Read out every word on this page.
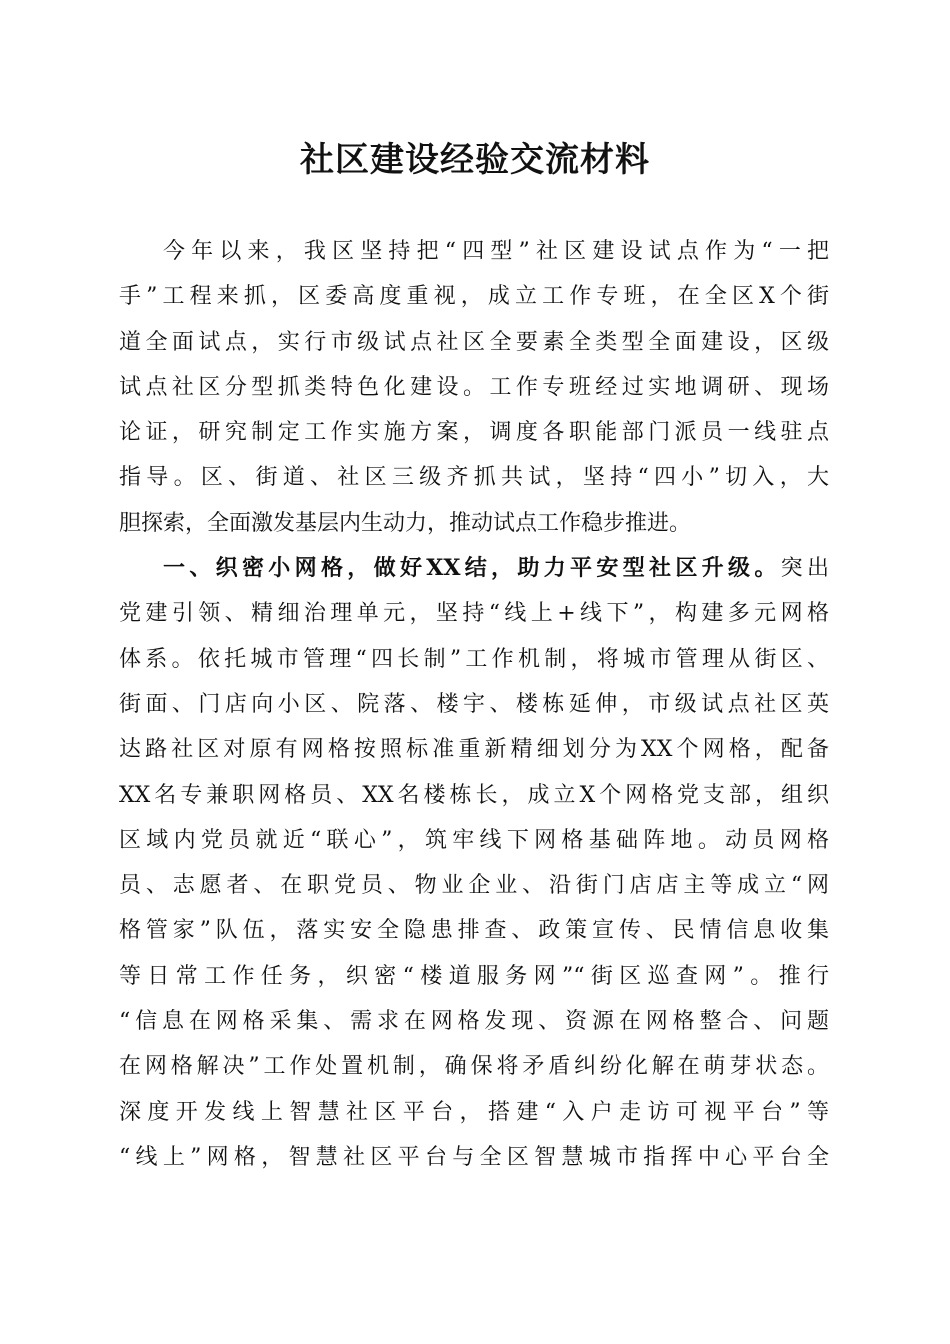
社区建设经验交流材料
今年以来，我区坚持把“四型”社区建设试点作为“一把
手”工程来抓，区委高度重视，成立工作专班，在全区X个街
道全面试点，实行市级试点社区全要素全类型全面建设，区级
试点社区分型抓类特色化建设。工作专班经过实地调研、现场
论证，研究制定工作实施方案，调度各职能部门派员一线驻点
指导。区、街道、社区三级齐抓共试，坚持“四小”切入，大
胆探索，全面激发基层内生动力，推动试点工作稳步推进。
一、织密小网格，做好XX结，助力平安型社区升级。突出
党建引领、精细治理单元，坚持“线上+线下”，构建多元网格
体系。依托城市管理“四长制”工作机制，将城市管理从街区、
街面、门店向小区、院落、楼宇、楼栋延伸，市级试点社区英
达路社区对原有网格按照标准重新精细划分为XX个网格，配备
XX名专兼职网格员、XX名楼栋长，成立X个网格党支部，组织
区域内党员就近“联心”，筑牢线下网格基础阵地。动员网格
员、志愿者、在职党员、物业企业、沿街门店店主等成立“网
格管家”队伍，落实安全隐患排查、政策宣传、民情信息收集
等日常工作任务，织密“楼道服务网”“街区巡查网”。推行
“信息在网格采集、需求在网格发现、资源在网格整合、问题
在网格解决”工作处置机制，确保将矛盾纠纷化解在萌芽状态。
深度开发线上智慧社区平台，搭建“入户走访可视平台”等
“线上”网格，智慧社区平台与全区智慧城市指挥中心平台全
